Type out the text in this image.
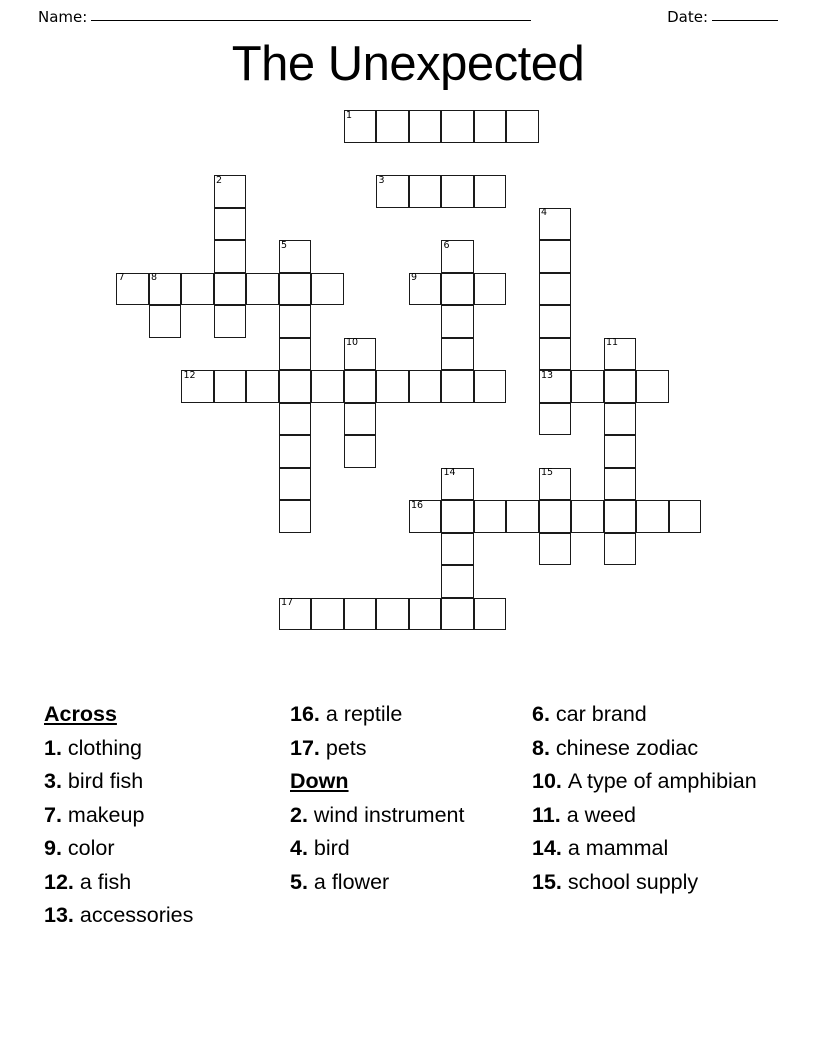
Name:	Date:
The Unexpected
1
2	3
4
13
5	6
7	8	9
10	11
12
14	15
16
17
Across
1. clothing
3. bird fish
7. makeup
9. color
12. a fish
13. accessories
16. a reptile
17. pets
Down
2. wind instrument
4. bird
5. a flower
6. car brand
8. chinese zodiac
10. A type of amphibian
11. a weed
14. a mammal
15. school supply
